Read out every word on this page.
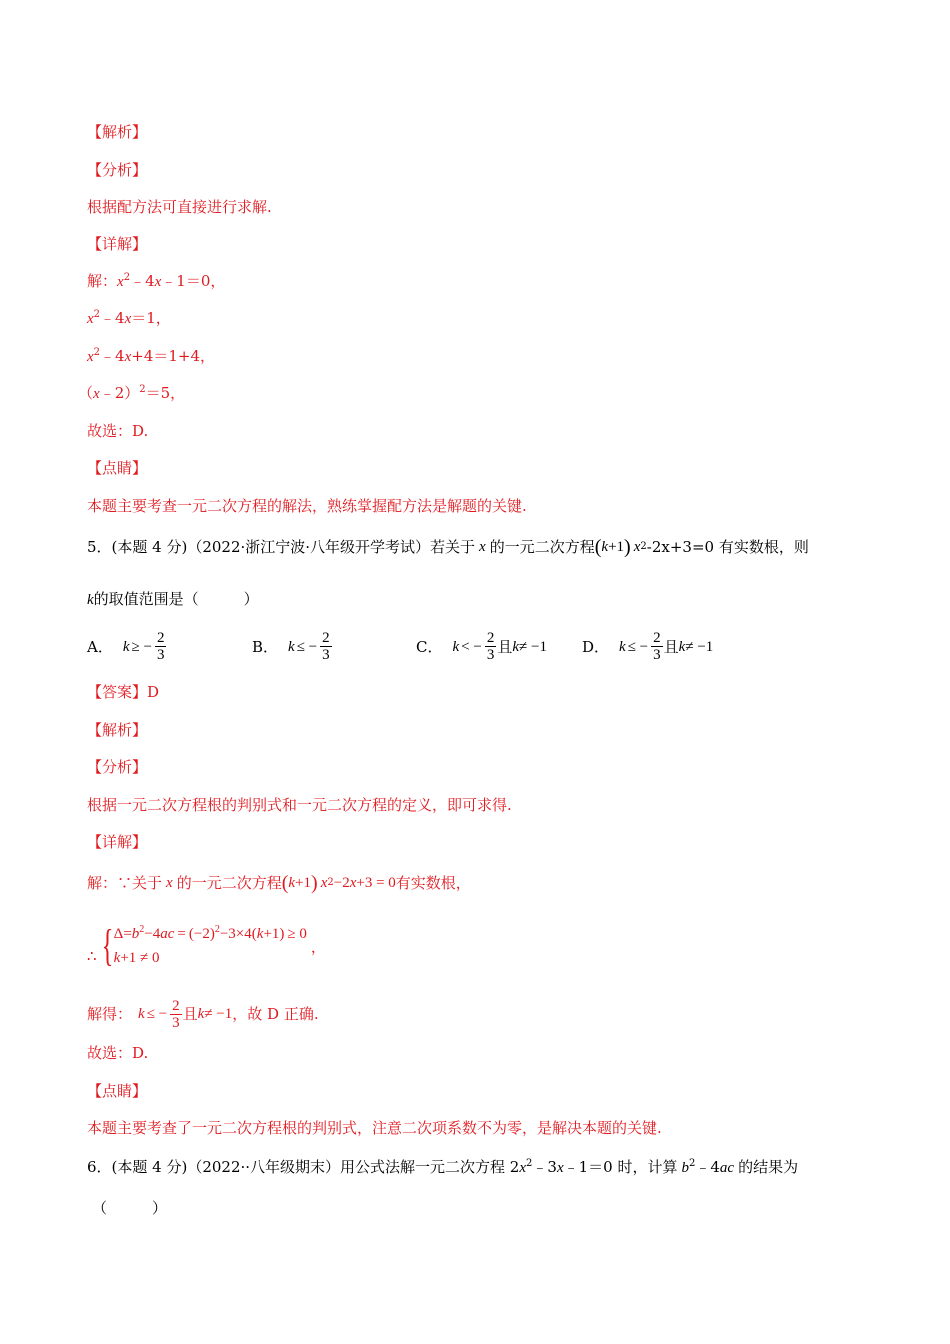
【解析】
【分析】
根据配方法可直接进行求解.
【详解】
解：$x^2﹣4x﹣1=0$，
$x^2﹣4x=1$，
$x^2﹣4x+4=1+4$，
（x﹣2）$^2$＝5，
故选：D.
【点睛】
本题主要考查一元二次方程的解法，熟练掌握配方法是解题的关键.
5．(本题 4 分)（2022·浙江宁波·八年级开学考试）若关于 x 的一元二次方程 ( k +1 ) x 2 -2x+3=0 有实数根，则
k的取值范围是（　　　）
A． k ≥ − $\frac{2}{3}$	B． k ≤ − $\frac{2}{3}$	C． k < − $\frac{2}{3}$ 且 k ≠ −1 D． k ≤ − $\frac{2}{3}$ 且 k ≠ −1
【答案】D
【解析】
【分析】
根据一元二次方程根的判别式和一元二次方程的定义，即可求得.
【详解】
解：∵关于 x 的一元二次方程 ( k +1 ) x 2 −2 x +3 = 0 有实数根，
∴ { $\Delta=b^2-4ac = (-2)^2-3\times 4(k+1) \ge 0$
k+1 ≠ 0
，
解得： k ≤ − $\frac{2}{3}$ 且 k ≠ −1 ，故 D 正确.
故选：D.
【点睛】
本题主要考查了一元二次方程根的判别式，注意二次项系数不为零，是解决本题的关键.
6．(本题 4 分)（2022··八年级期末）用公式法解一元二次方程 $2x^2﹣3x﹣1=0$ 时，计算 $b^2﹣4ac$ 的结果为
（　　　）
